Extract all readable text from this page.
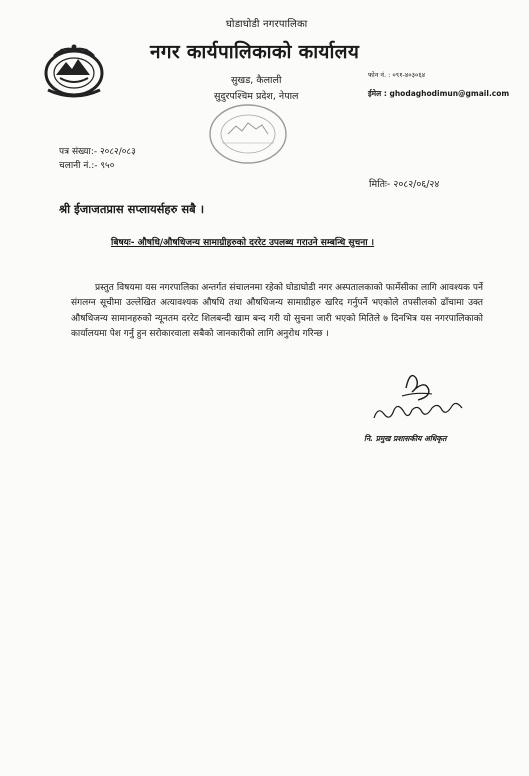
घोडाघोडी नगरपालिका
नगर कार्यपालिकाको कार्यालय
सुखड, कैलाली
सुदुरपश्चिम प्रदेश, नेपाल
फोन नं. : ०९१-४०३०६४
ईमेल : ghodaghodimun@gmail.com
पत्र संख्या:- २०८२/०८३
चलानी नं.:- ९५०
मितिः- २०८२/०६/२४
श्री ईजाजतप्रास सप्लायर्सहरु सबै ।
बिषयः- औषधि/औषधिजन्य सामाग्रीहरुको दररेट उपलब्ध गराउने सम्बन्धि सुचना ।
प्रस्तुत विषयमा यस नगरपालिका अन्तर्गत संचालनमा रहेको घोडाघोडी नगर अस्पतालकाको फार्मेसीका लागि आवश्यक पर्ने संगलग्न सूचीमा उल्लेखित अत्यावश्यक औषधि तथा औषधिजन्य सामाग्रीहरु खरिद गर्नुपर्ने भएकोले तपसीलको ढाँचामा उक्त औषधिजन्य सामानहरुको न्यूनतम दररेट शिलबन्दी खाम बन्द गरी यो सुचना जारी भएको मितिले ७ दिनभित्र यस नगरपालिकाको कार्यालयमा पेश गर्नु हुन सरोकारवाला सबैको जानकारीको लागि अनुरोध गरिन्छ ।
नि. प्रमुख प्रशासकीय अधिकृत
